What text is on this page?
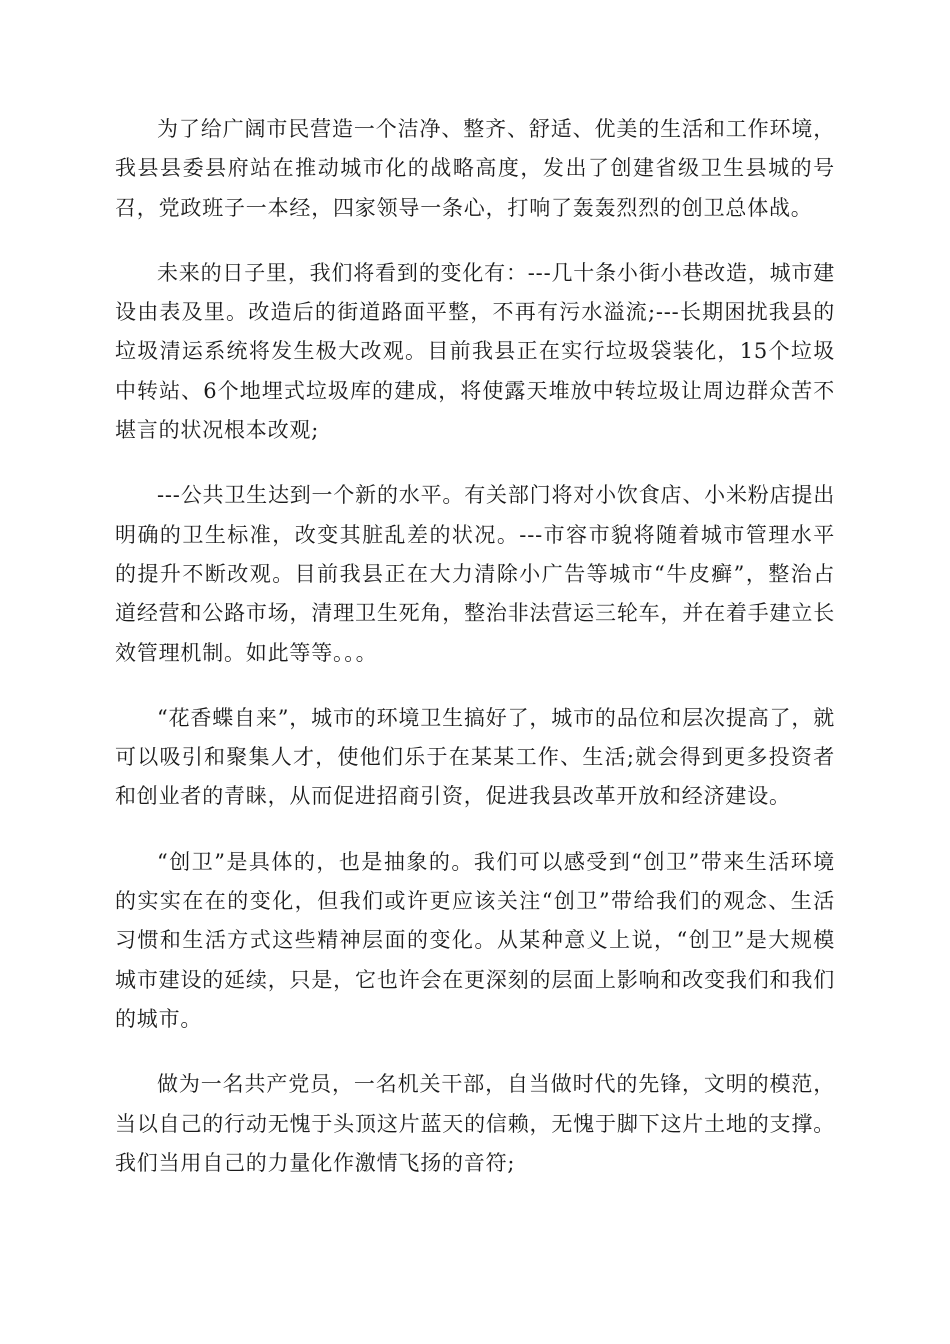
为了给广阔市民营造一个洁净、整齐、舒适、优美的生活和工作环境，我县县委县府站在推动城市化的战略高度，发出了创建省级卫生县城的号召，党政班子一本经，四家领导一条心，打响了轰轰烈烈的创卫总体战。

未来的日子里，我们将看到的变化有：---几十条小街小巷改造，城市建设由表及里。改造后的街道路面平整，不再有污水溢流;---长期困扰我县的垃圾清运系统将发生极大改观。目前我县正在实行垃圾袋装化，15个垃圾中转站、6个地埋式垃圾库的建成，将使露天堆放中转垃圾让周边群众苦不堪言的状况根本改观;

---公共卫生达到一个新的水平。有关部门将对小饮食店、小米粉店提出明确的卫生标准，改变其脏乱差的状况。---市容市貌将随着城市管理水平的提升不断改观。目前我县正在大力清除小广告等城市“牛皮癣”，整治占道经营和公路市场，清理卫生死角，整治非法营运三轮车，并在着手建立长效管理机制。如此等等。。。

“花香蝶自来”，城市的环境卫生搞好了，城市的品位和层次提高了，就可以吸引和聚集人才，使他们乐于在某某工作、生活;就会得到更多投资者和创业者的青睐，从而促进招商引资，促进我县改革开放和经济建设。

“创卫”是具体的，也是抽象的。我们可以感受到“创卫”带来生活环境的实实在在的变化，但我们或许更应该关注“创卫”带给我们的观念、生活习惯和生活方式这些精神层面的变化。从某种意义上说，“创卫”是大规模城市建设的延续，只是，它也许会在更深刻的层面上影响和改变我们和我们的城市。

做为一名共产党员，一名机关干部，自当做时代的先锋，文明的模范，当以自己的行动无愧于头顶这片蓝天的信赖，无愧于脚下这片土地的支撑。我们当用自己的力量化作激情飞扬的音符;
